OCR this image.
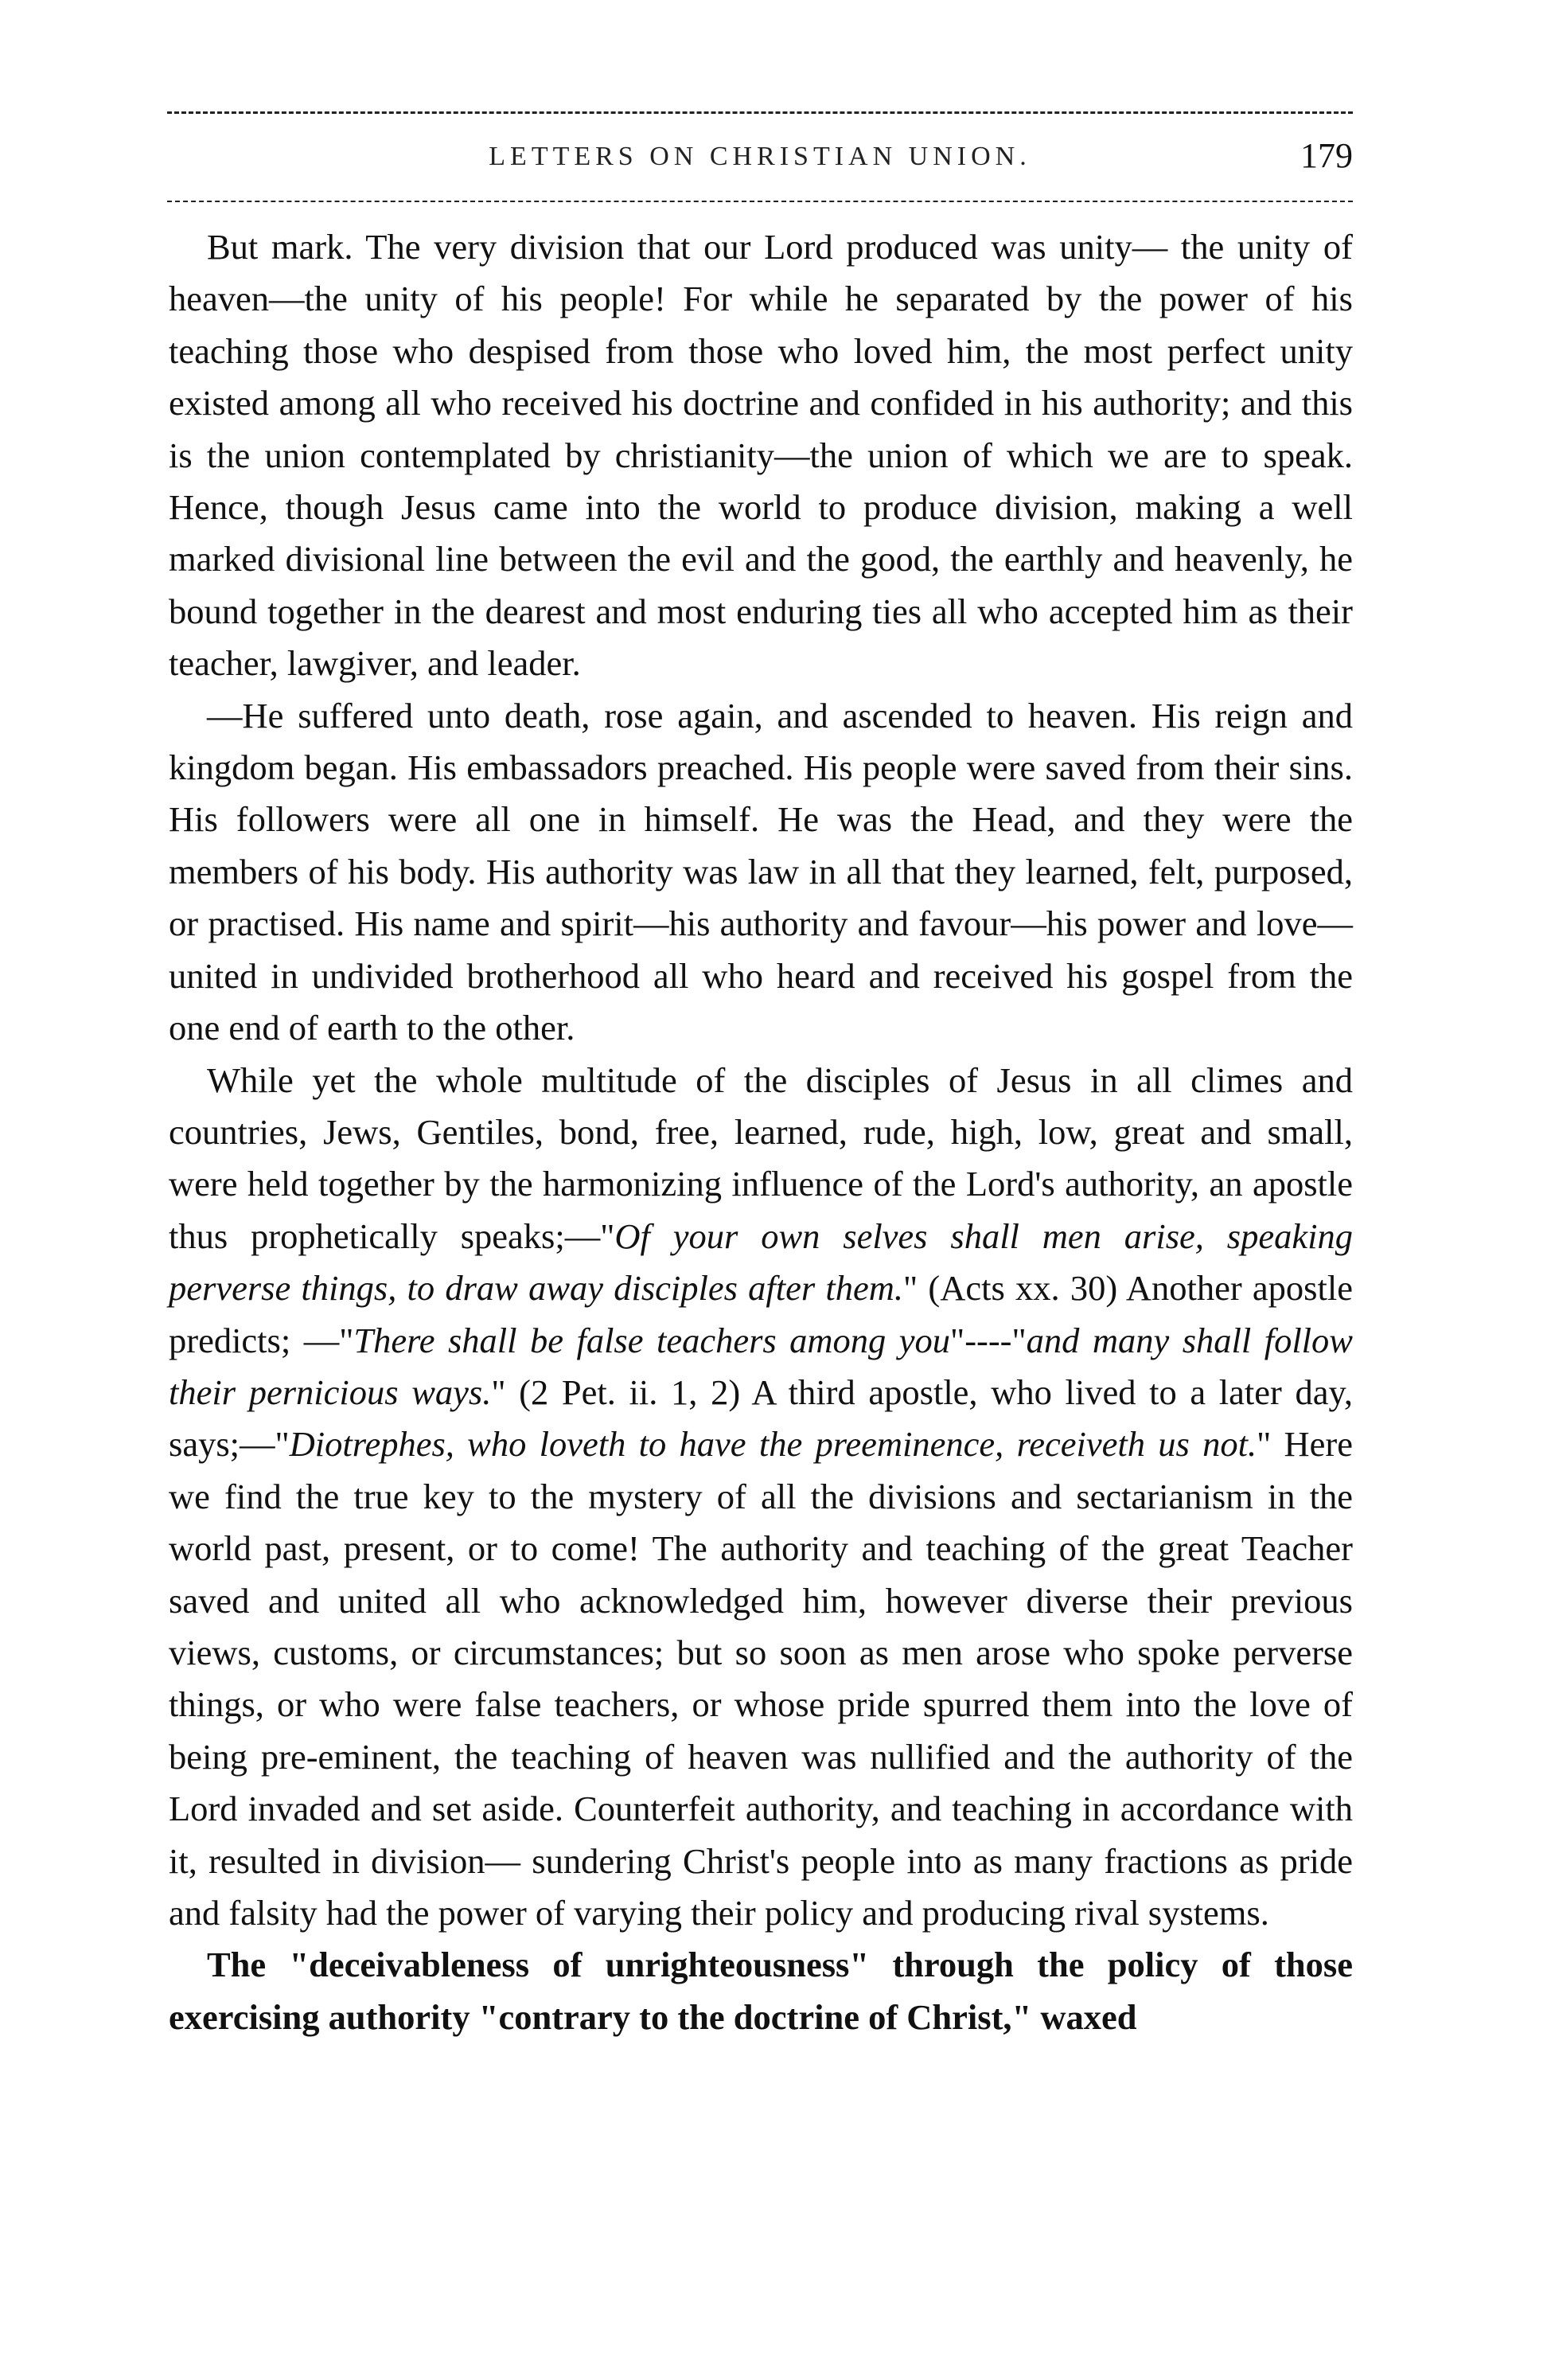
LETTERS ON CHRISTIAN UNION.	179

But mark. The very division that our Lord produced was unity— the unity of heaven—the unity of his people! For while he separated by the power of his teaching those who despised from those who loved him, the most perfect unity existed among all who received his doctrine and confided in his authority; and this is the union contemplated by christianity—the union of which we are to speak. Hence, though Jesus came into the world to produce division, making a well marked divisional line between the evil and the good, the earthly and heavenly, he bound together in the dearest and most enduring ties all who accepted him as their teacher, lawgiver, and leader.

—He suffered unto death, rose again, and ascended to heaven. His reign and kingdom began. His embassadors preached. His people were saved from their sins. His followers were all one in himself. He was the Head, and they were the members of his body. His authority was law in all that they learned, felt, purposed, or practised. His name and spirit—his authority and favour—his power and love— united in undivided brotherhood all who heard and received his gospel from the one end of earth to the other.

While yet the whole multitude of the disciples of Jesus in all climes and countries, Jews, Gentiles, bond, free, learned, rude, high, low, great and small, were held together by the harmonizing influence of the Lord's authority, an apostle thus prophetically speaks;—"Of your own selves shall men arise, speaking perverse things, to draw away disciples after them." (Acts xx. 30) Another apostle predicts; —"There shall be false teachers among you"----"and many shall follow their pernicious ways." (2 Pet. ii. 1, 2) A third apostle, who lived to a later day, says;—"Diotrephes, who loveth to have the preeminence, receiveth us not." Here we find the true key to the mystery of all the divisions and sectarianism in the world past, present, or to come! The authority and teaching of the great Teacher saved and united all who acknowledged him, however diverse their previous views, customs, or circumstances; but so soon as men arose who spoke perverse things, or who were false teachers, or whose pride spurred them into the love of being pre-eminent, the teaching of heaven was nullified and the authority of the Lord invaded and set aside. Counterfeit authority, and teaching in accordance with it, resulted in division— sundering Christ's people into as many fractions as pride and falsity had the power of varying their policy and producing rival systems.

The "deceivableness of unrighteousness" through the policy of those exercising authority "contrary to the doctrine of Christ," waxed
